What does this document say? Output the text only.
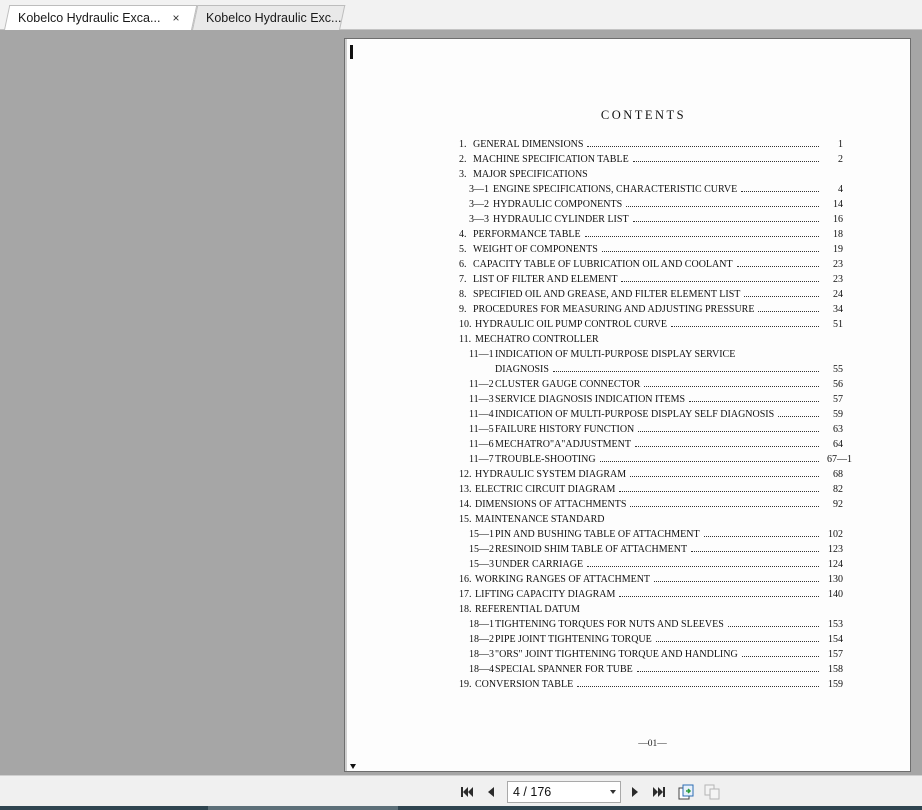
Kobelco Hydraulic Exca... × Kobelco Hydraulic Exc...
CONTENTS
1. GENERAL DIMENSIONS	1
2. MACHINE SPECIFICATION TABLE	2
3. MAJOR SPECIFICATIONS
3—1 ENGINE SPECIFICATIONS, CHARACTERISTIC CURVE	4
3—2 HYDRAULIC COMPONENTS	14
3—3 HYDRAULIC CYLINDER LIST	16
4. PERFORMANCE TABLE	18
5. WEIGHT OF COMPONENTS	19
6. CAPACITY TABLE OF LUBRICATION OIL AND COOLANT	23
7. LIST OF FILTER AND ELEMENT	23
8. SPECIFIED OIL AND GREASE, AND FILTER ELEMENT LIST	24
9. PROCEDURES FOR MEASURING AND ADJUSTING PRESSURE	34
10. HYDRAULIC OIL PUMP CONTROL CURVE	51
11. MECHATRO CONTROLLER
11—1 INDICATION OF MULTI-PURPOSE DISPLAY SERVICE
DIAGNOSIS	55
11—2 CLUSTER GAUGE CONNECTOR	56
11—3 SERVICE DIAGNOSIS INDICATION ITEMS	57
11—4 INDICATION OF MULTI-PURPOSE DISPLAY SELF DIAGNOSIS	59
11—5 FAILURE HISTORY FUNCTION	63
11—6 MECHATRO"A"ADJUSTMENT	64
11—7 TROUBLE-SHOOTING	67—1
12. HYDRAULIC SYSTEM DIAGRAM	68
13. ELECTRIC CIRCUIT DIAGRAM	82
14. DIMENSIONS OF ATTACHMENTS	92
15. MAINTENANCE STANDARD
15—1 PIN AND BUSHING TABLE OF ATTACHMENT	102
15—2 RESINOID SHIM TABLE OF ATTACHMENT	123
15—3 UNDER CARRIAGE	124
16. WORKING RANGES OF ATTACHMENT	130
17. LIFTING CAPACITY DIAGRAM	140
18. REFERENTIAL DATUM
18—1 TIGHTENING TORQUES FOR NUTS AND SLEEVES	153
18—2 PIPE JOINT TIGHTENING TORQUE	154
18—3 "ORS" JOINT TIGHTENING TORQUE AND HANDLING	157
18—4 SPECIAL SPANNER FOR TUBE	158
19. CONVERSION TABLE	159
—01—
4 / 176
